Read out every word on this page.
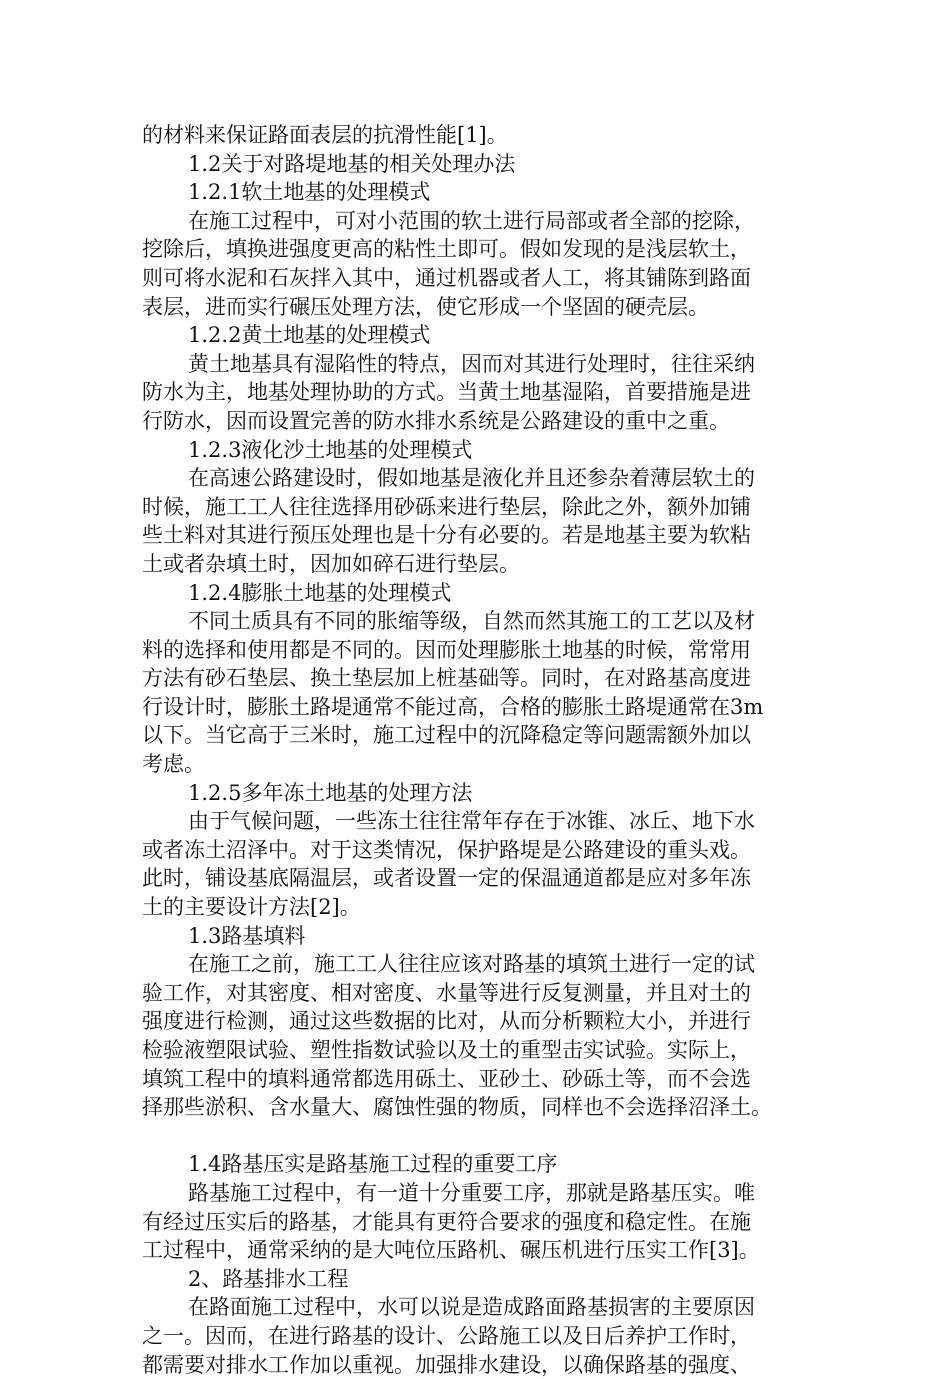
的材料来保证路面表层的抗滑性能[1]。
1.2关于对路堤地基的相关处理办法
1.2.1软土地基的处理模式
在施工过程中，可对小范围的软土进行局部或者全部的挖除，
挖除后，填换进强度更高的粘性土即可。假如发现的是浅层软土，
则可将水泥和石灰拌入其中，通过机器或者人工，将其铺陈到路面
表层，进而实行碾压处理方法，使它形成一个坚固的硬壳层。
1.2.2黄土地基的处理模式
黄土地基具有湿陷性的特点，因而对其进行处理时，往往采纳
防水为主，地基处理协助的方式。当黄土地基湿陷，首要措施是进
行防水，因而设置完善的防水排水系统是公路建设的重中之重。
1.2.3液化沙土地基的处理模式
在高速公路建设时，假如地基是液化并且还参杂着薄层软土的
时候，施工工人往往选择用砂砾来进行垫层，除此之外，额外加铺
些土料对其进行预压处理也是十分有必要的。若是地基主要为软粘
土或者杂填土时，因加如碎石进行垫层。
1.2.4膨胀土地基的处理模式
不同土质具有不同的胀缩等级，自然而然其施工的工艺以及材
料的选择和使用都是不同的。因而处理膨胀土地基的时候，常常用
方法有砂石垫层、换土垫层加上桩基础等。同时，在对路基高度进
行设计时，膨胀土路堤通常不能过高，合格的膨胀土路堤通常在3m
以下。当它高于三米时，施工过程中的沉降稳定等问题需额外加以
考虑。
1.2.5多年冻土地基的处理方法
由于气候问题，一些冻土往往常年存在于冰锥、冰丘、地下水
或者冻土沼泽中。对于这类情况，保护路堤是公路建设的重头戏。
此时，铺设基底隔温层，或者设置一定的保温通道都是应对多年冻
土的主要设计方法[2]。
1.3路基填料
在施工之前，施工工人往往应该对路基的填筑土进行一定的试
验工作，对其密度、相对密度、水量等进行反复测量，并且对土的
强度进行检测，通过这些数据的比对，从而分析颗粒大小，并进行
检验液塑限试验、塑性指数试验以及土的重型击实试验。实际上，
填筑工程中的填料通常都选用砾土、亚砂土、砂砾土等，而不会选
择那些淤积、含水量大、腐蚀性强的物质，同样也不会选择沼泽土。
1.4路基压实是路基施工过程的重要工序
路基施工过程中，有一道十分重要工序，那就是路基压实。唯
有经过压实后的路基，才能具有更符合要求的强度和稳定性。在施
工过程中，通常采纳的是大吨位压路机、碾压机进行压实工作[3]。
2、路基排水工程
在路面施工过程中，水可以说是造成路面路基损害的主要原因
之一。因而，在进行路基的设计、公路施工以及日后养护工作时，
都需要对排水工作加以重视。加强排水建设，以确保路基的强度、
